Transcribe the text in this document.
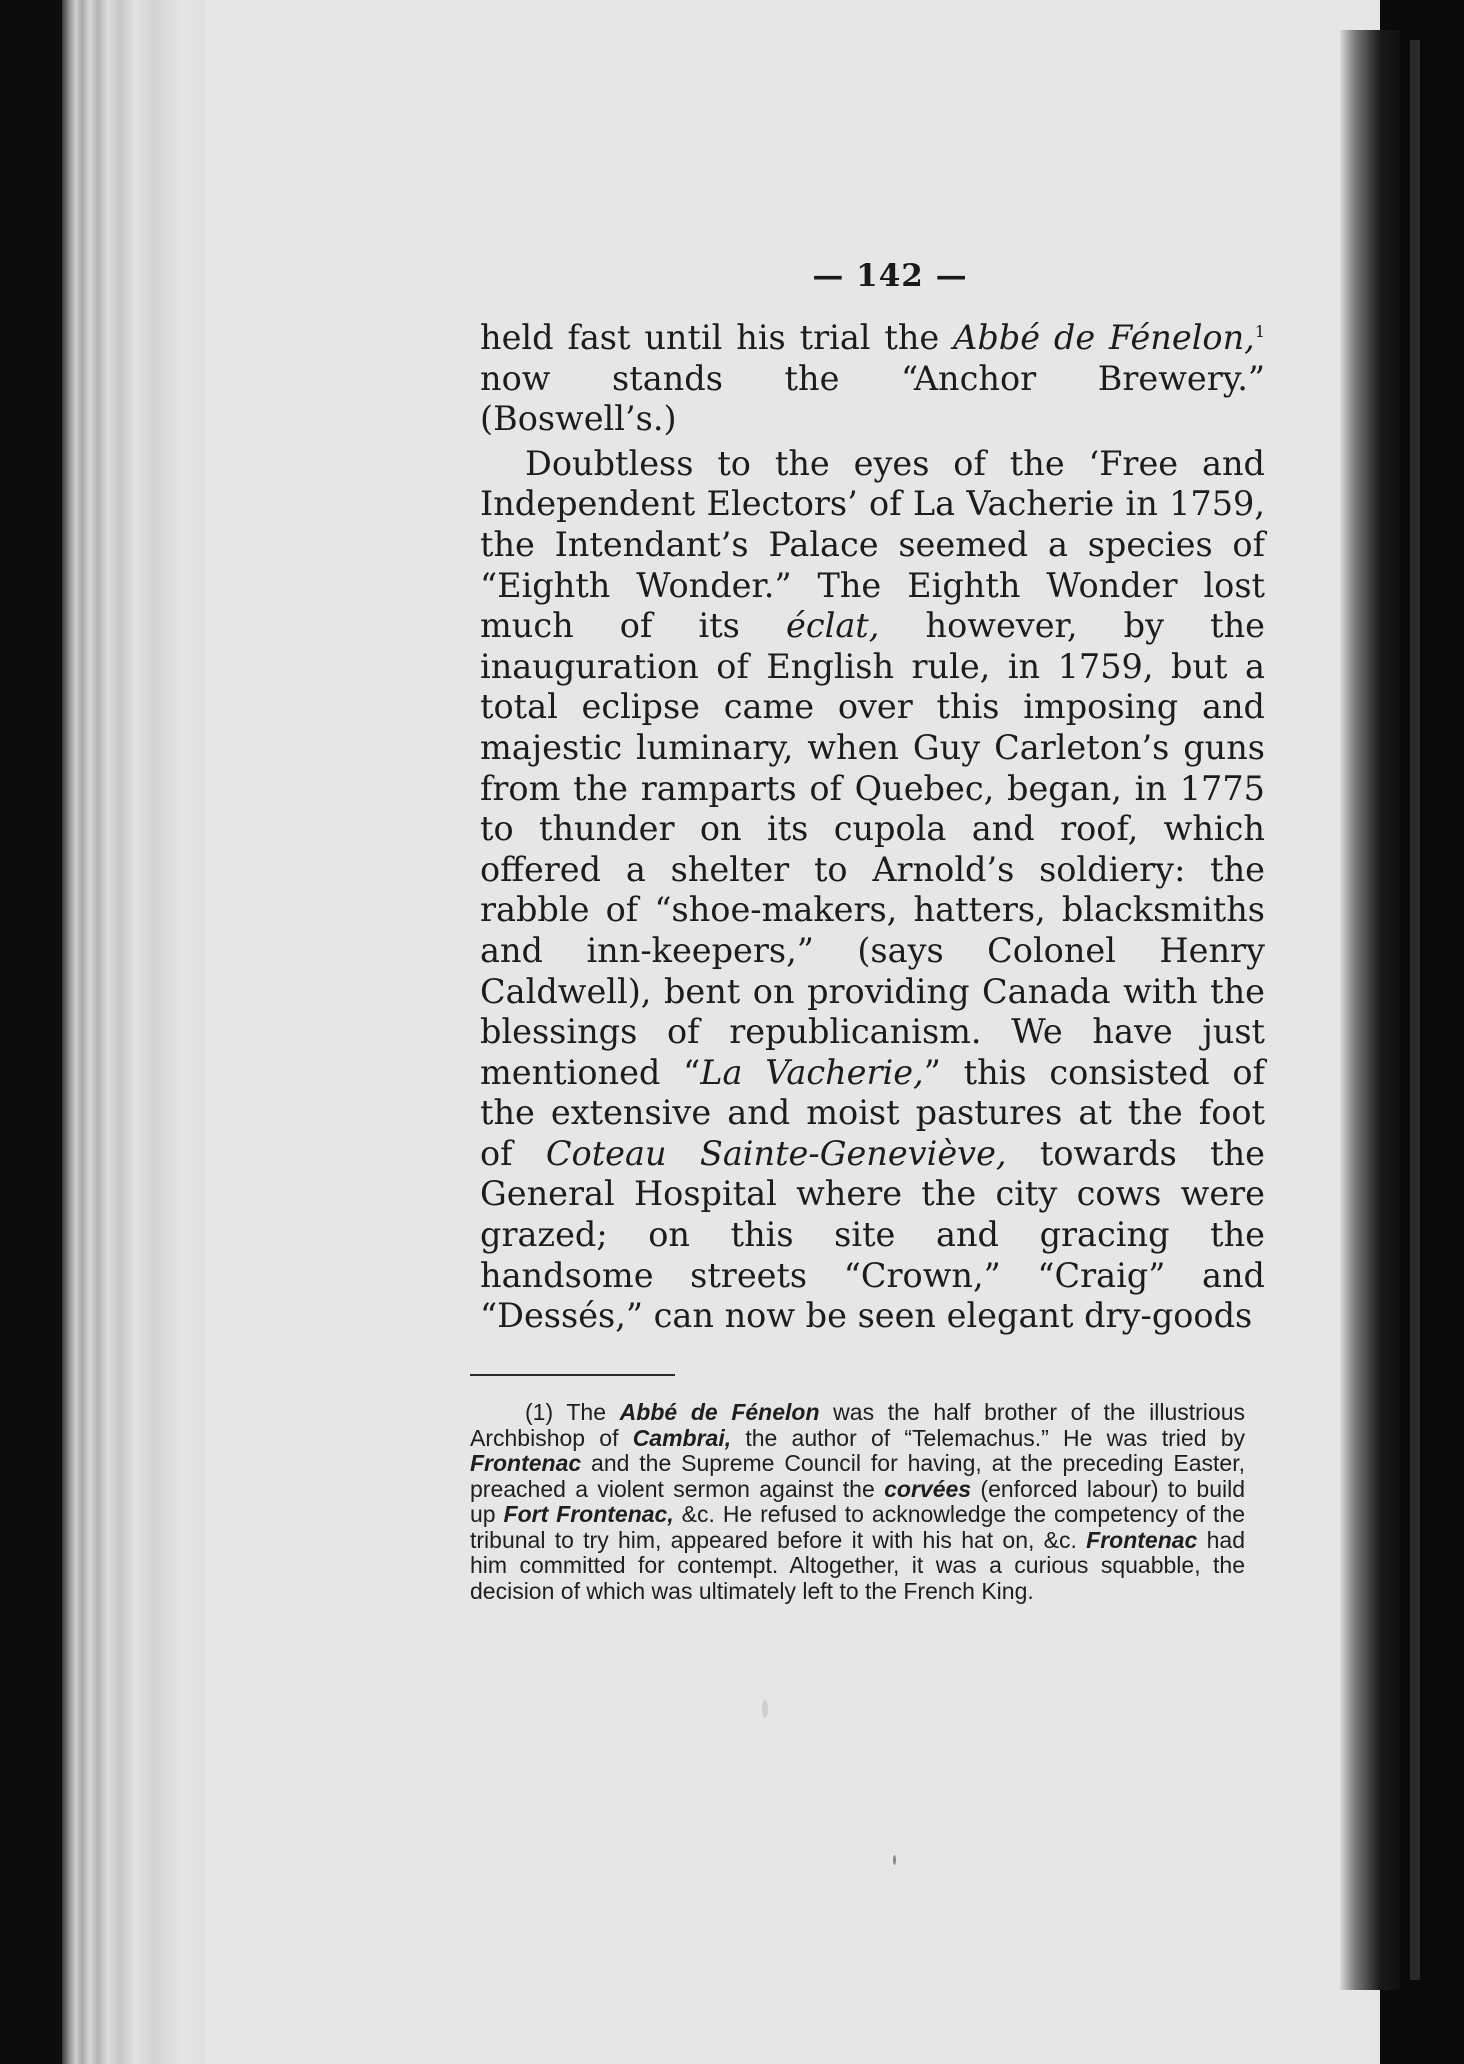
— 142 —

held fast until his trial the Abbé de Fénelon,$^1$ now stands the “Anchor Brewery.” (Boswell’s.)

Doubtless to the eyes of the ‘Free and Independent Electors’ of La Vacherie in 1759, the Intendant’s Palace seemed a species of “Eighth Wonder.” The Eighth Wonder lost much of its éclat, however, by the inauguration of English rule, in 1759, but a total eclipse came over this imposing and majestic luminary, when Guy Carleton’s guns from the ramparts of Quebec, began, in 1775 to thunder on its cupola and roof, which offered a shelter to Arnold’s soldiery: the rabble of “shoe-makers, hatters, blacksmiths and inn-keepers,” (says Colonel Henry Caldwell), bent on providing Canada with the blessings of republicanism. We have just mentioned “La Vacherie,” this consisted of the extensive and moist pastures at the foot of Coteau Sainte-Geneviève, towards the General Hospital where the city cows were grazed; on this site and gracing the handsome streets “Crown,” “Craig” and “Dessés,” can now be seen elegant dry-goods

(1) The Abbé de Fénelon was the half brother of the illustrious Archbishop of Cambrai, the author of “Telemachus.” He was tried by Frontenac and the Supreme Council for having, at the preceding Easter, preached a violent sermon against the corvées (enforced labour) to build up Fort Frontenac, &c. He refused to acknowledge the competency of the tribunal to try him, appeared before it with his hat on, &c. Frontenac had him committed for contempt. Altogether, it was a curious squabble, the decision of which was ultimately left to the French King.
